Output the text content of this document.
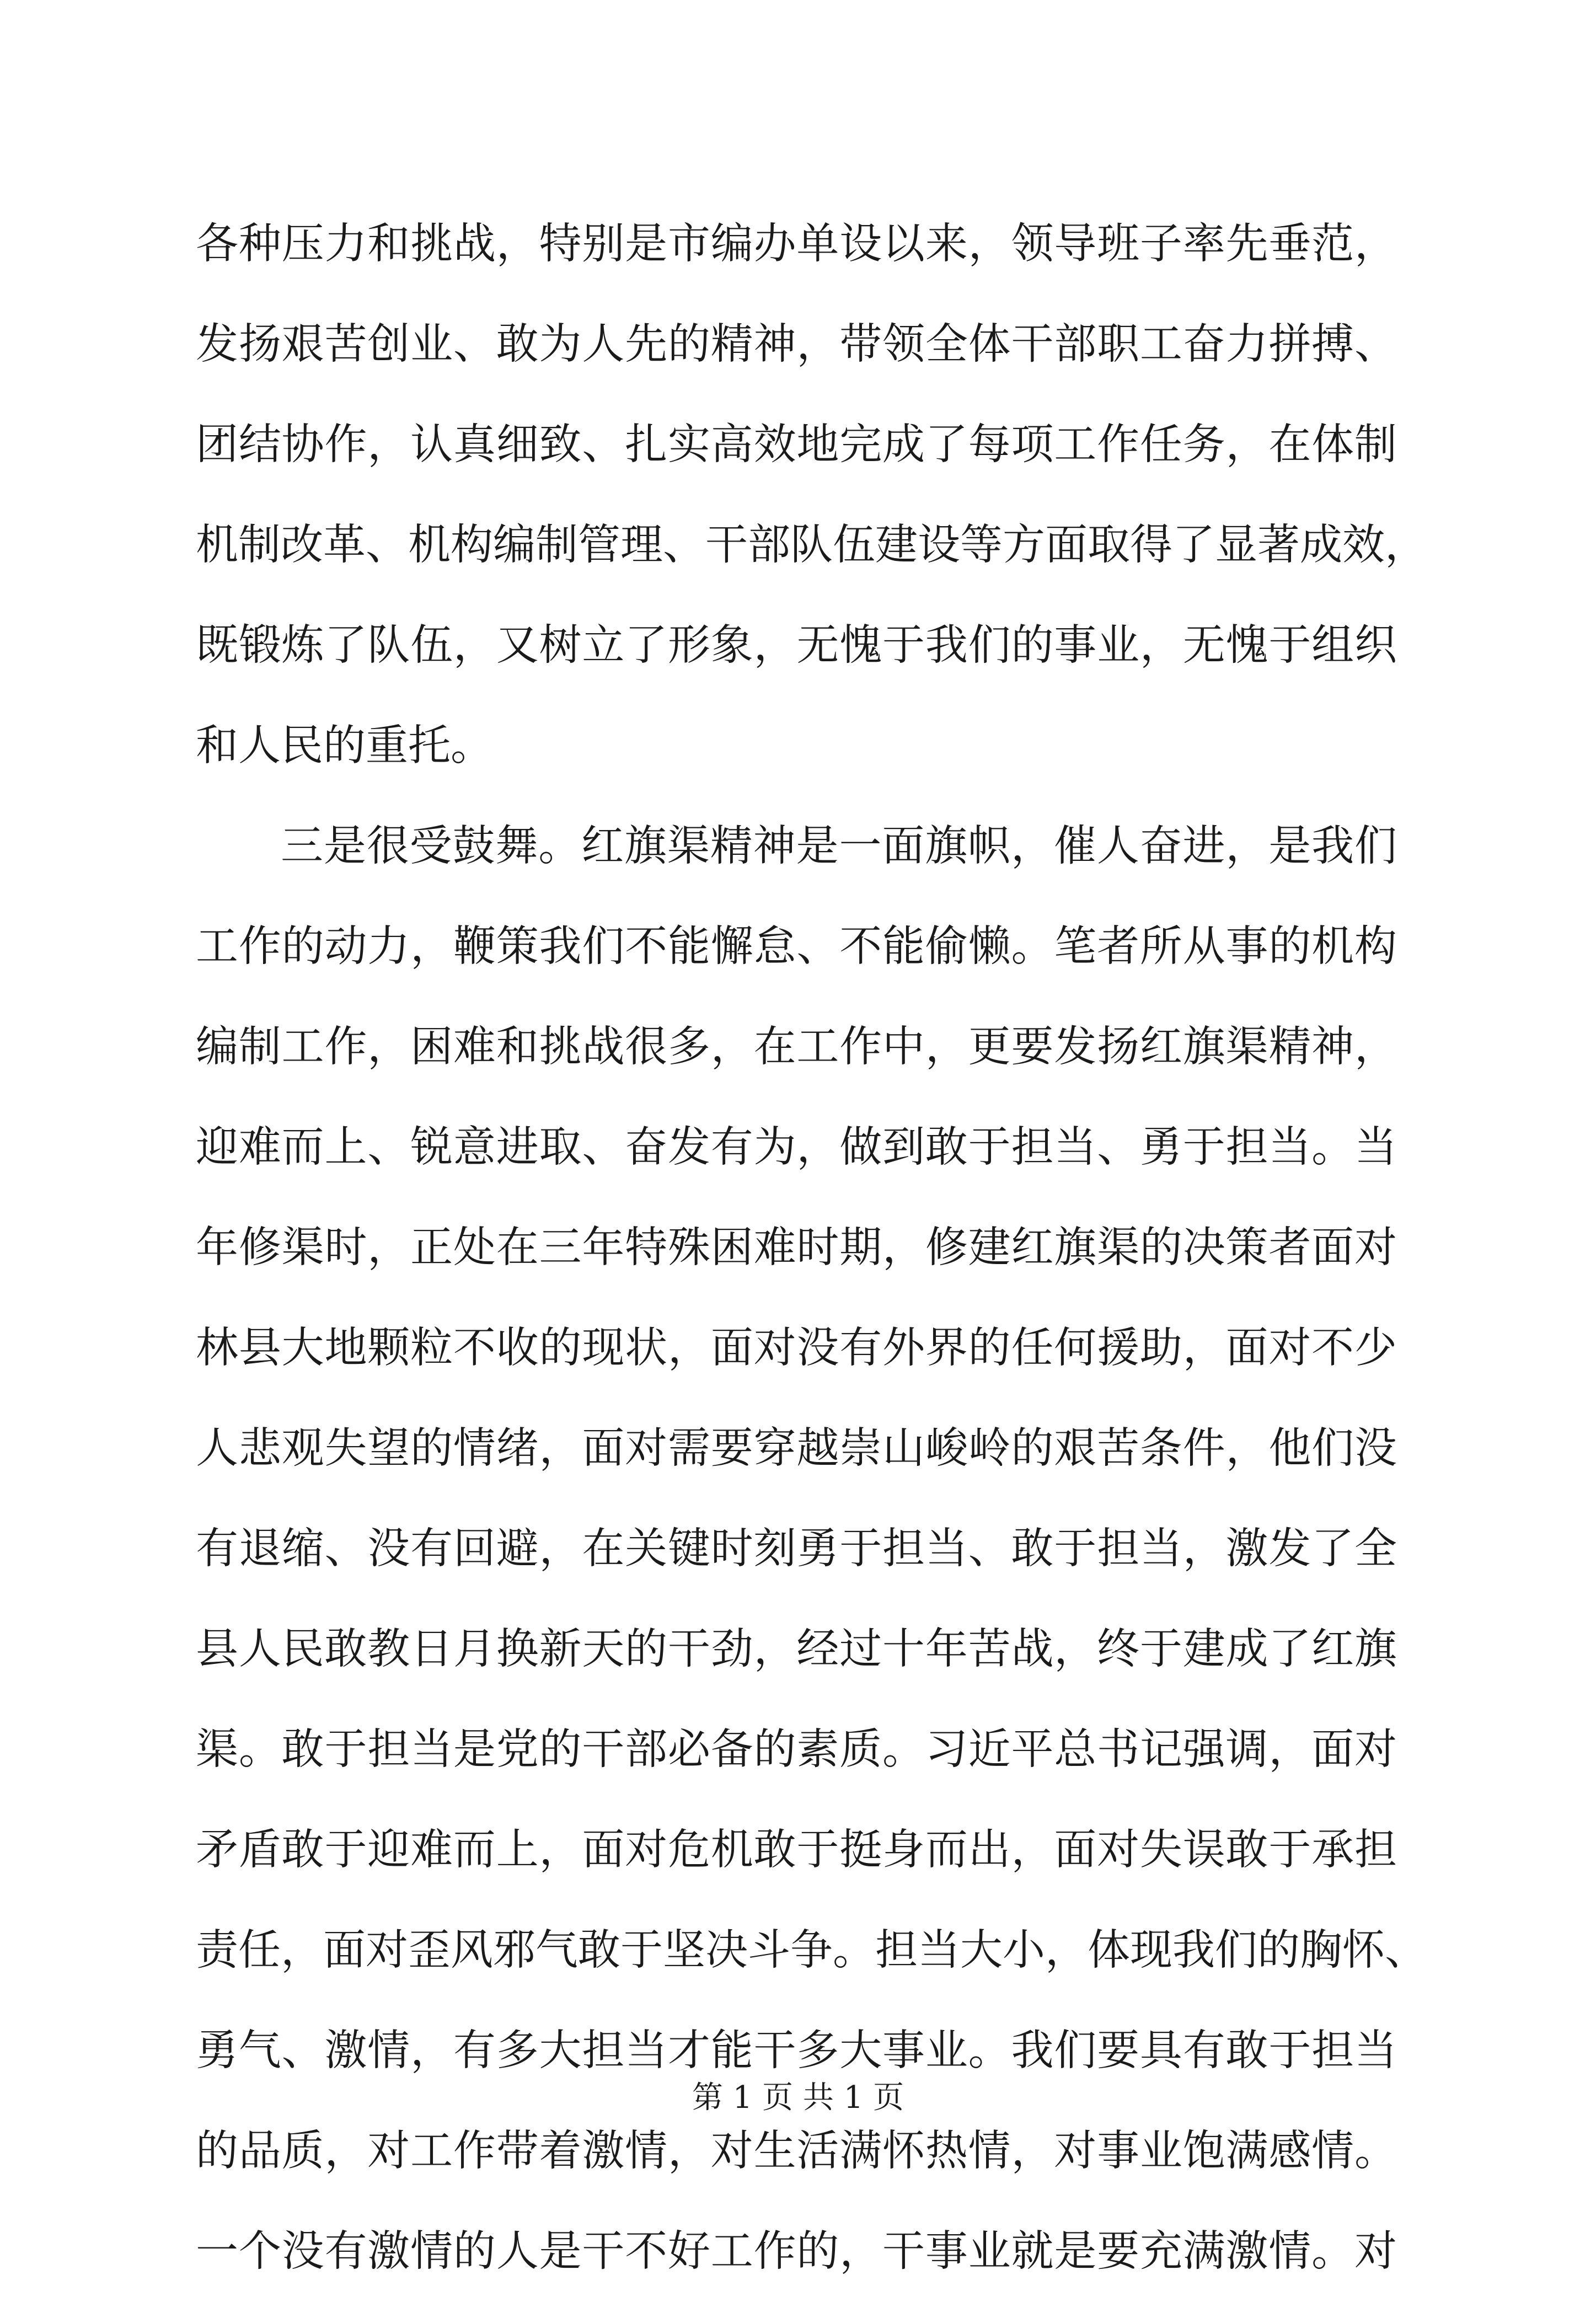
各种压力和挑战，特别是市编办单设以来，领导班子率先垂范，
发扬艰苦创业、敢为人先的精神，带领全体干部职工奋力拼搏、
团结协作，认真细致、扎实高效地完成了每项工作任务，在体制
机制改革、机构编制管理、干部队伍建设等方面取得了显著成效，
既锻炼了队伍，又树立了形象，无愧于我们的事业，无愧于组织
和人民的重托。
三是很受鼓舞。红旗渠精神是一面旗帜，催人奋进，是我们
工作的动力，鞭策我们不能懈怠、不能偷懒。笔者所从事的机构
编制工作，困难和挑战很多，在工作中，更要发扬红旗渠精神，
迎难而上、锐意进取、奋发有为，做到敢于担当、勇于担当。当
年修渠时，正处在三年特殊困难时期，修建红旗渠的决策者面对
林县大地颗粒不收的现状，面对没有外界的任何援助，面对不少
人悲观失望的情绪，面对需要穿越崇山峻岭的艰苦条件，他们没
有退缩、没有回避，在关键时刻勇于担当、敢于担当，激发了全
县人民敢教日月换新天的干劲，经过十年苦战，终于建成了红旗
渠。敢于担当是党的干部必备的素质。习近平总书记强调，面对
矛盾敢于迎难而上，面对危机敢于挺身而出，面对失误敢于承担
责任，面对歪风邪气敢于坚决斗争。担当大小，体现我们的胸怀、
勇气、激情，有多大担当才能干多大事业。我们要具有敢于担当
的品质，对工作带着激情，对生活满怀热情，对事业饱满感情。
一个没有激情的人是干不好工作的，干事业就是要充满激情。对
第 1 页 共 1 页
